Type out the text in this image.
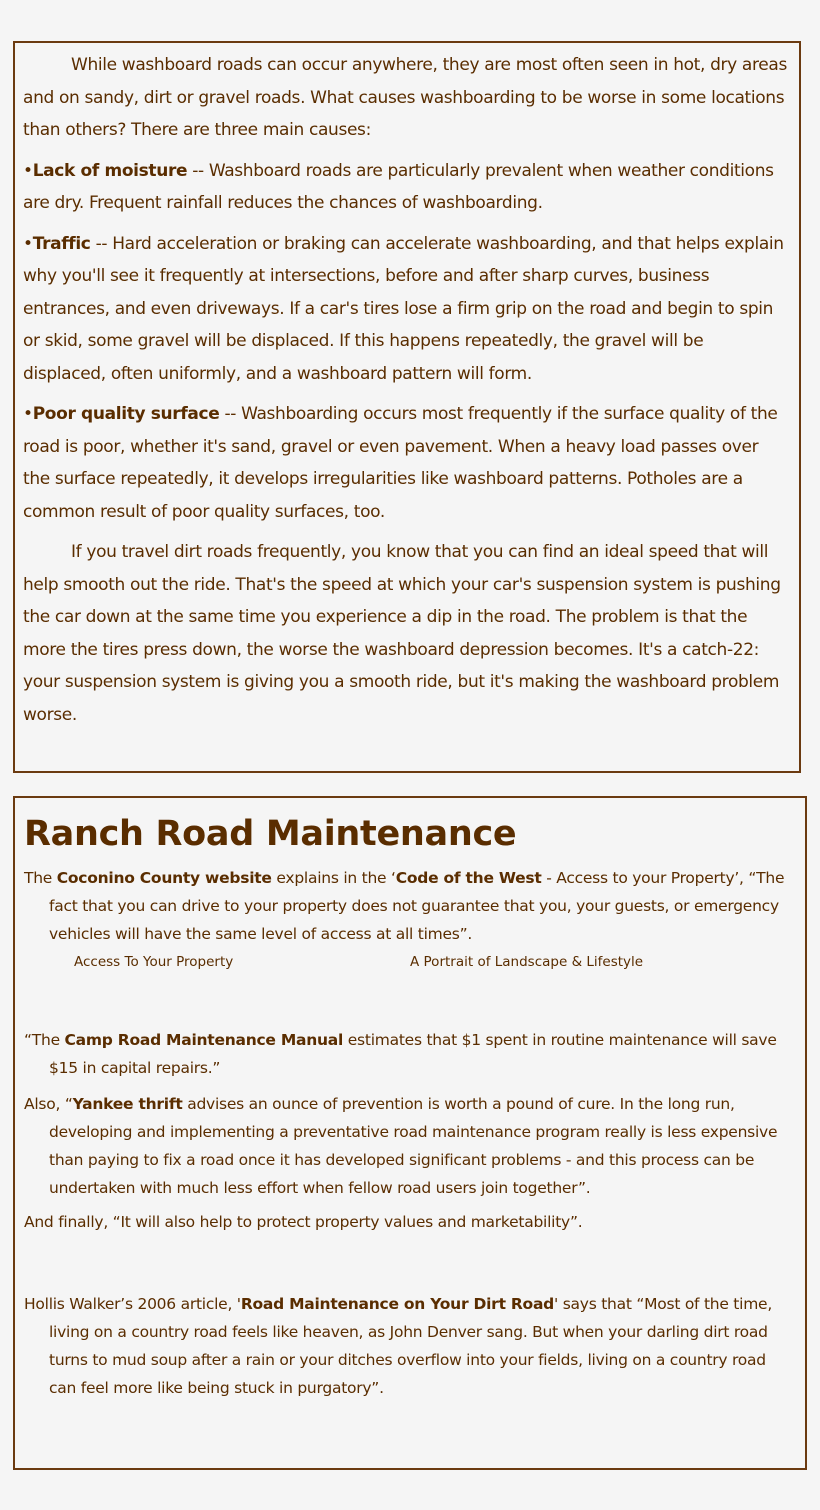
While washboard roads can occur anywhere, they are most often seen in hot, dry areas and on sandy, dirt or gravel roads. What causes washboarding to be worse in some locations than others? There are three main causes:

•Lack of moisture -- Washboard roads are particularly prevalent when weather conditions are dry. Frequent rainfall reduces the chances of washboarding.

•Traffic -- Hard acceleration or braking can accelerate washboarding, and that helps explain why you'll see it frequently at intersections, before and after sharp curves, business entrances, and even driveways. If a car's tires lose a firm grip on the road and begin to spin or skid, some gravel will be displaced. If this happens repeatedly, the gravel will be displaced, often uniformly, and a washboard pattern will form.

•Poor quality surface -- Washboarding occurs most frequently if the surface quality of the road is poor, whether it's sand, gravel or even pavement. When a heavy load passes over the surface repeatedly, it develops irregularities like washboard patterns. Potholes are a common result of poor quality surfaces, too.

If you travel dirt roads frequently, you know that you can find an ideal speed that will help smooth out the ride. That's the speed at which your car's suspension system is pushing the car down at the same time you experience a dip in the road. The problem is that the more the tires press down, the worse the washboard depression becomes. It's a catch-22: your suspension system is giving you a smooth ride, but it's making the washboard problem worse.

Ranch Road Maintenance

The Coconino County website explains in the ‘Code of the West - Access to your Property’, “The fact that you can drive to your property does not guarantee that you, your guests, or emergency vehicles will have the same level of access at all times”.

Access To Your Property	A Portrait of Landscape & Lifestyle

“The Camp Road Maintenance Manual estimates that $1 spent in routine maintenance will save $15 in capital repairs.”

Also, “Yankee thrift advises an ounce of prevention is worth a pound of cure. In the long run, developing and implementing a preventative road maintenance program really is less expensive than paying to fix a road once it has developed significant problems - and this process can be undertaken with much less effort when fellow road users join together”.

And finally, “It will also help to protect property values and marketability”.

Hollis Walker’s 2006 article, 'Road Maintenance on Your Dirt Road' says that “Most of the time, living on a country road feels like heaven, as John Denver sang. But when your darling dirt road turns to mud soup after a rain or your ditches overflow into your fields, living on a country road can feel more like being stuck in purgatory”.
